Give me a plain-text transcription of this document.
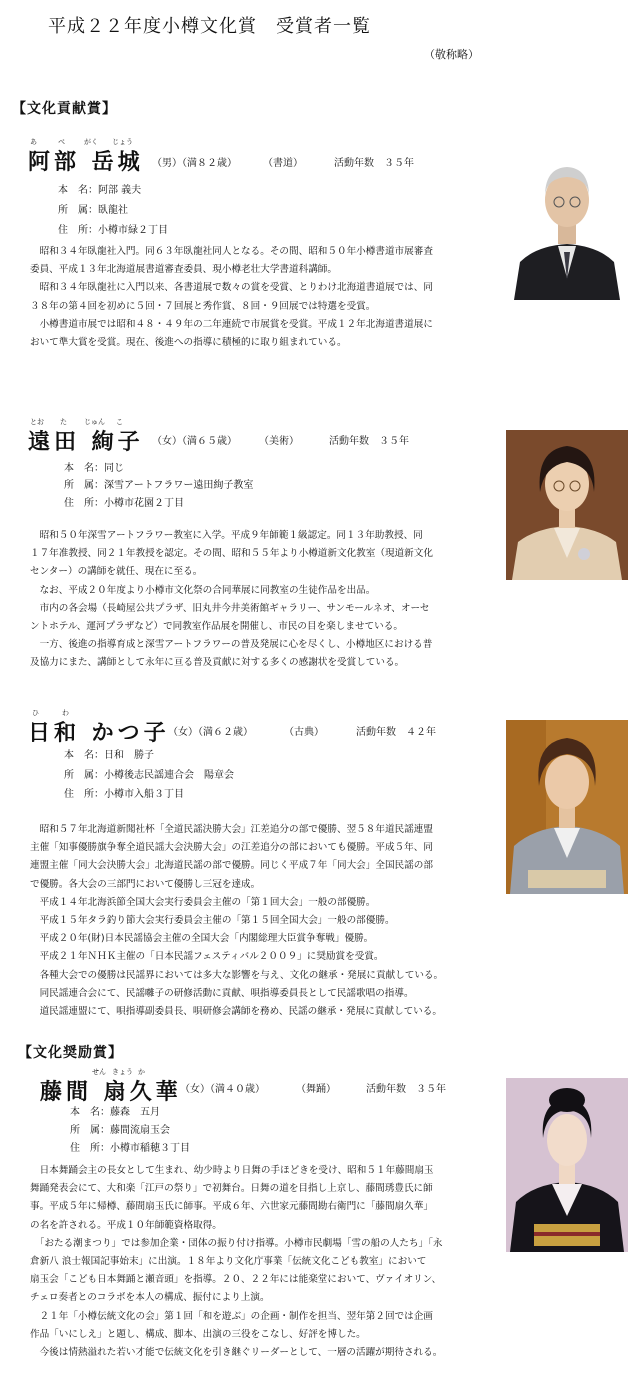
平成２２年度小樽文化賞　受賞者一覧
（敬称略）
【文化貢献賞】
【文化奨励賞】
あ	べ	がく じょう
阿部 岳城 （男）（満８２歳）	（書道）	活動年数　３５年
本　名：阿部 義夫
所　属：臥龍社
住　所：小樽市緑２丁目

　昭和３４年臥龍社入門。同６３年臥龍社同人となる。その間、昭和５０年小樽書道市展審査

委員、平成１３年北海道展書道審査委員、現小樽老壮大学書道科講師。

　昭和３４年臥龍社に入門以来、各書道展で数々の賞を受賞、とりわけ北海道書道展では、同

３８年の第４回を初めに５回・７回展と秀作賞、８回・９回展では特選を受賞。

　小樽書道市展では昭和４８・４９年の二年連続で市展賞を受賞。平成１２年北海道書道展に

おいて準大賞を受賞。現在、後進への指導に積極的に取り組まれている。

とお た じゅん こ
遠田 絢子 （女）（満６５歳） （美術）	活動年数　３５年
本　名：同じ
所　属：深雪アートフラワー遠田絢子教室
住　所：小樽市花園２丁目

　昭和５０年深雪アートフラワー教室に入学。平成９年師範１級認定。同１３年助教授、同

１７年准教授、同２１年教授を認定。その間、昭和５５年より小樽道新文化教室（現道新文化

センター）の講師を就任、現在に至る。

　なお、平成２０年度より小樽市文化祭の合同華展に同教室の生徒作品を出品。

　市内の各会場（長崎屋公共プラザ、旧丸井今井美術館ギャラリー、サンモールネオ、オーセ

ントホテル、運河プラザなど）で同教室作品展を開催し、市民の目を楽しませている。

　一方、後進の指導育成と深雪アートフラワーの普及発展に心を尽くし、小樽地区における普

及協力にまた、講師として永年に亘る普及貢献に対する多くの感謝状を受賞している。

ひ	わ
日和 かつ子
（女）（満６２歳）	（古典）	活動年数　４２年
本　名：日和　勝子
所　属：小樽後志民謡連合会　陽章会
住　所：小樽市入船３丁目

　昭和５７年北海道新聞社杯「全道民謡決勝大会」江差追分の部で優勝、翌５８年道民謡連盟

主催「知事優勝旗争奪全道民謡大会決勝大会」の江差追分の部においても優勝。平成５年、同

連盟主催「同大会決勝大会」北海道民謡の部で優勝。同じく平成７年「同大会」全国民謡の部

で優勝。各大会の三部門において優勝し三冠を達成。

　平成１４年北海浜節全国大会実行委員会主催の「第１回大会」一般の部優勝。

　平成１５年タラ釣り節大会実行委員会主催の「第１５回全国大会」一般の部優勝。

　平成２０年(財)日本民謡協会主催の全国大会「内閣総理大臣賞争奪戦」優勝。

　平成２１年ＮＨＫ主催の「日本民謡フェスティバル２００９」に奨励賞を受賞。

　各種大会での優勝は民謡界においては多大な影響を与え、文化の継承・発展に貢献している。

　同民謡連合会にて、民謡囃子の研修活動に貢献、唄指導委員長として民謡歌唱の指導。

　道民謡連盟にて、唄指導副委員長、唄研修会講師を務め、民謡の継承・発展に貢献している。

せん きょう か
藤間 扇久華
（女）（満４０歳）	（舞踊）	活動年数　３５年
本　名：藤森　五月
所　属：藤間流扇玉会
住　所：小樽市稲穂３丁目

　日本舞踊会主の長女として生まれ、幼少時より日舞の手ほどきを受け、昭和５１年藤間扇玉

舞踊発表会にて、大和楽「江戸の祭り」で初舞台。日舞の道を目指し上京し、藤間琇豊氏に師

事。平成５年に帰樽、藤間扇玉氏に師事。平成６年、六世家元藤間勘右衛門に「藤間扇久華」

の名を許される。平成１０年師範資格取得。

　「おたる潮まつり」では参加企業・団体の振り付け指導。小樽市民劇場「雪の船の人たち」「永

倉新八 浪士報国記事始末」に出演。１８年より文化庁事業「伝統文化こども教室」において

扇玉会「こども日本舞踊と瀬音頭」を指導。２０、２２年には能楽堂において、ヴァイオリン、

チェロ奏者とのコラボを本人の構成、振付により上演。

　２１年「小樽伝統文化の会」第１回「和を遊ぶ」の企画・制作を担当、翌年第２回では企画

作品「いにしえ」と題し、構成、脚本、出演の三役をこなし、好評を博した。

　今後は情熱溢れた若い才能で伝統文化を引き継ぐリーダーとして、一層の活躍が期待される。
